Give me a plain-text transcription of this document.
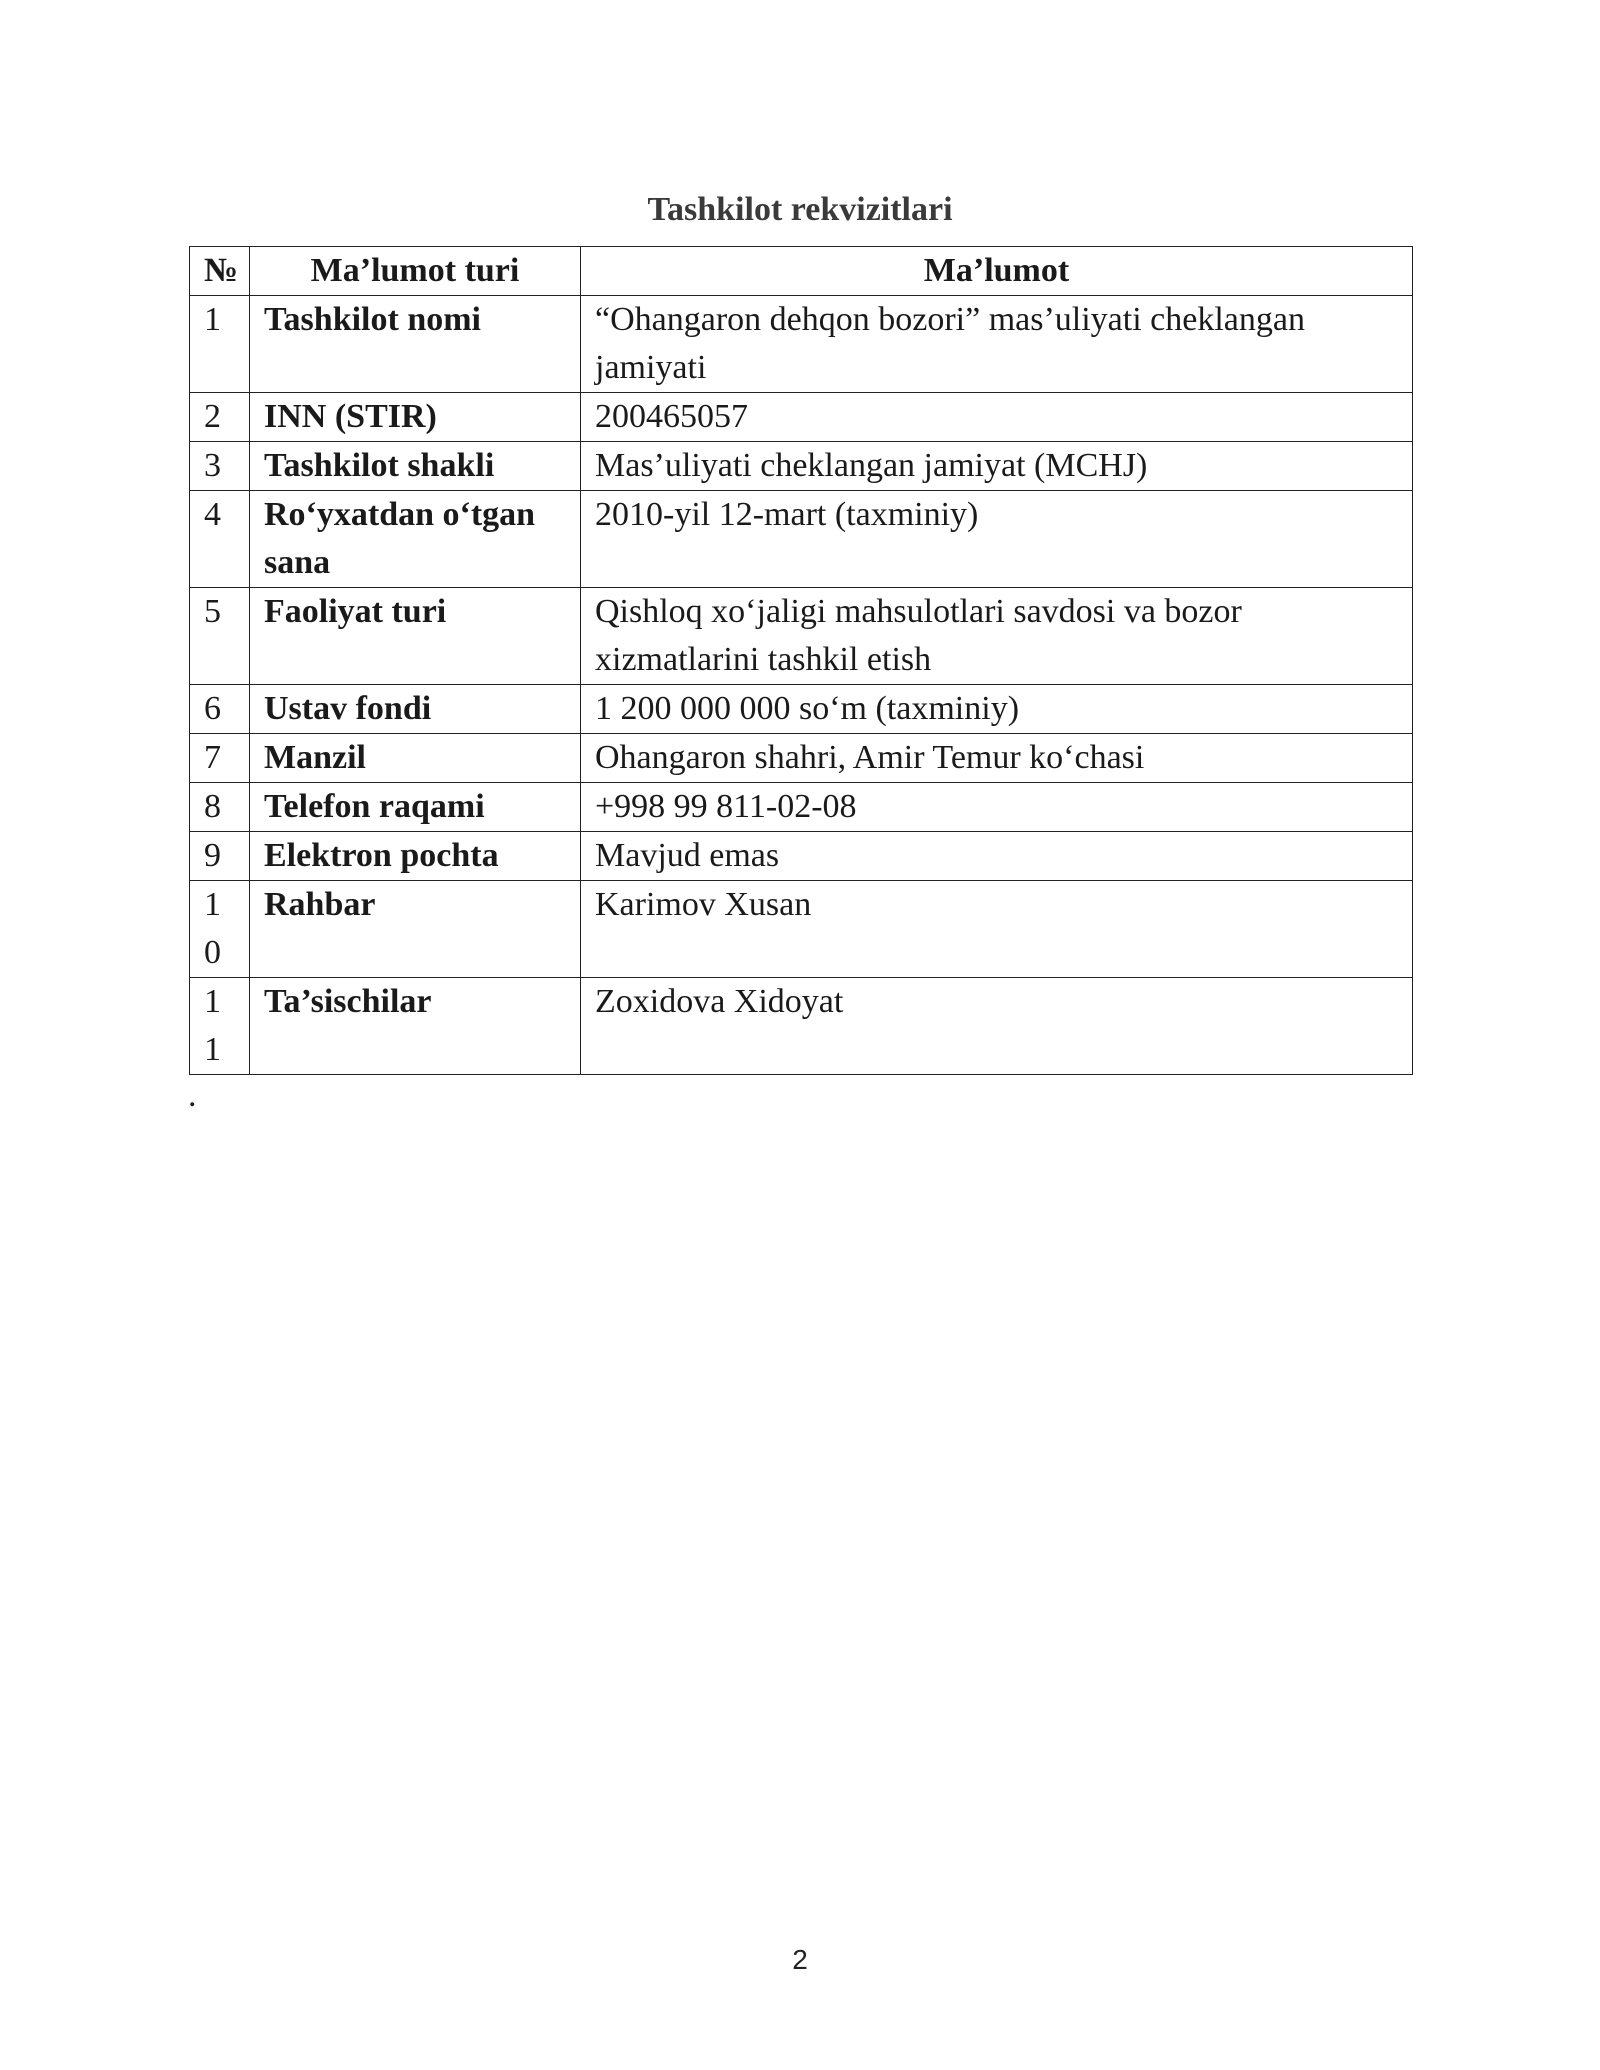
Tashkilot rekvizitlari
№	Ma’lumot turi	Ma’lumot
1	Tashkilot nomi	“Ohangaron dehqon bozori” mas’uliyati cheklangan jamiyati
2	INN (STIR)	200465057
3	Tashkilot shakli	Mas’uliyati cheklangan jamiyat (MCHJ)
4	Ro‘yxatdan o‘tgan sana	2010-yil 12-mart (taxminiy)
5	Faoliyat turi	Qishloq xo‘jaligi mahsulotlari savdosi va bozor xizmatlarini tashkil etish
6	Ustav fondi	1 200 000 000 so‘m (taxminiy)
7	Manzil	Ohangaron shahri, Amir Temur ko‘chasi
8	Telefon raqami	+998 99 811-02-08
9	Elektron pochta	Mavjud emas
10	Rahbar	Karimov Xusan
11	Ta’sischilar	Zoxidova Xidoyat
.
2
